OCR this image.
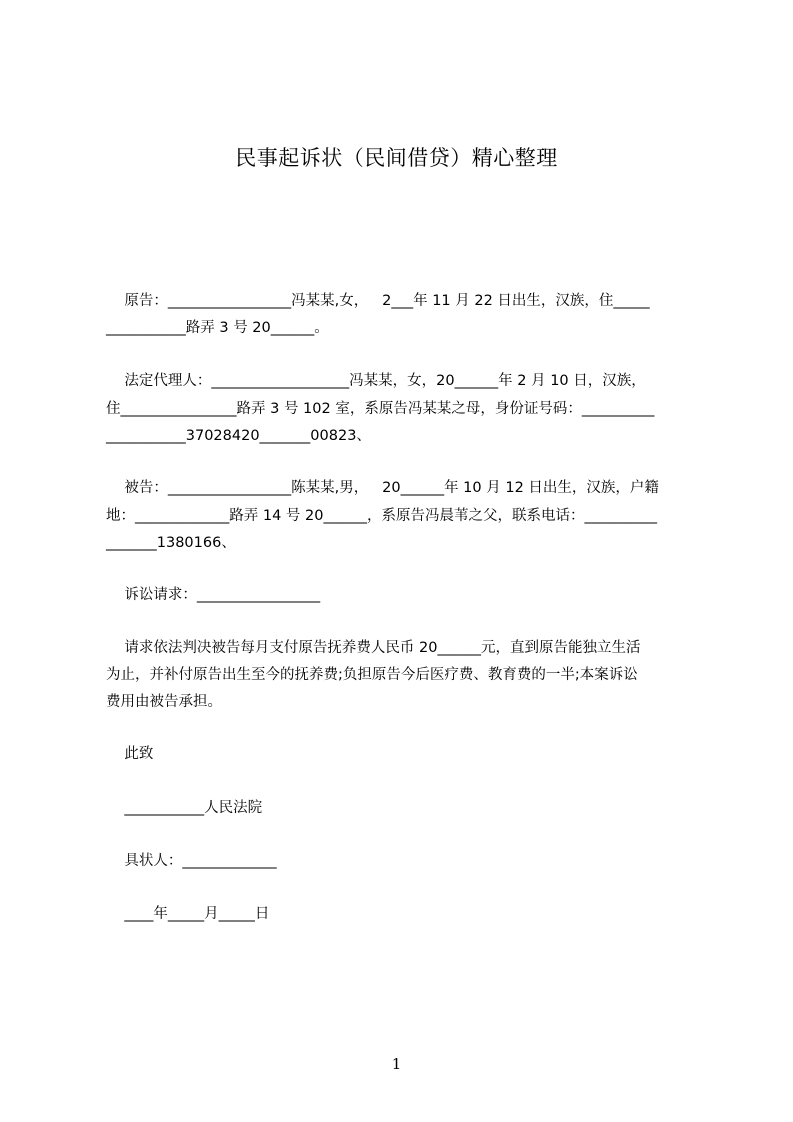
民事起诉状（民间借贷）精心整理
原告：_________________冯某某,女，   2___年 11 月 22 日出生，汉族，住_____
___________路弄 3 号 20______。
法定代理人：___________________冯某某，女，20______年 2 月 10 日，汉族，
住________________路弄 3 号 102 室，系原告冯某某之母，身份证号码：__________
___________37028420_______00823、
被告：_________________陈某某,男，   20______年 10 月 12 日出生，汉族，户籍
地：_____________路弄 14 号 20______，系原告冯晨苇之父，联系电话：__________
_______1380166、
诉讼请求：_________________
请求依法判决被告每月支付原告抚养费人民币 20______元，直到原告能独立生活
为止，并补付原告出生至今的抚养费;负担原告今后医疗费、教育费的一半;本案诉讼
费用由被告承担。
此致
___________人民法院
具状人：_____________
____年_____月_____日
1
